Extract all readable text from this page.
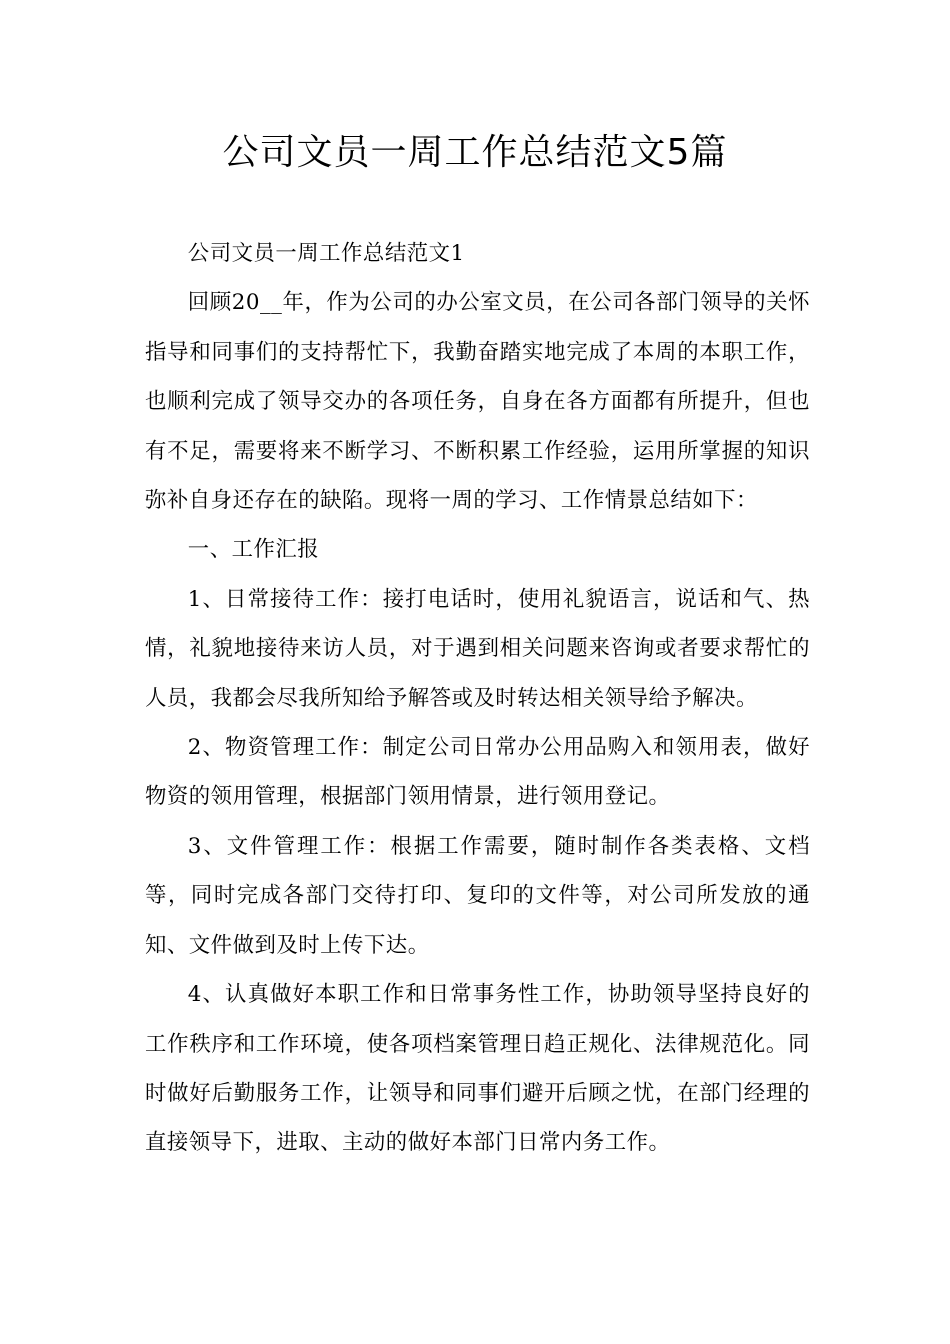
公司文员一周工作总结范文5篇

公司文员一周工作总结范文1

回顾20__年，作为公司的办公室文员，在公司各部门领导的关怀指导和同事们的支持帮忙下，我勤奋踏实地完成了本周的本职工作，也顺利完成了领导交办的各项任务，自身在各方面都有所提升，但也有不足，需要将来不断学习、不断积累工作经验，运用所掌握的知识弥补自身还存在的缺陷。现将一周的学习、工作情景总结如下：

一、工作汇报

1、日常接待工作：接打电话时，使用礼貌语言，说话和气、热情，礼貌地接待来访人员，对于遇到相关问题来咨询或者要求帮忙的人员，我都会尽我所知给予解答或及时转达相关领导给予解决。

2、物资管理工作：制定公司日常办公用品购入和领用表，做好物资的领用管理，根据部门领用情景，进行领用登记。

3、文件管理工作：根据工作需要，随时制作各类表格、文档等，同时完成各部门交待打印、复印的文件等，对公司所发放的通知、文件做到及时上传下达。

4、认真做好本职工作和日常事务性工作，协助领导坚持良好的工作秩序和工作环境，使各项档案管理日趋正规化、法律规范化。同时做好后勤服务工作，让领导和同事们避开后顾之忧，在部门经理的直接领导下，进取、主动的做好本部门日常内务工作。
